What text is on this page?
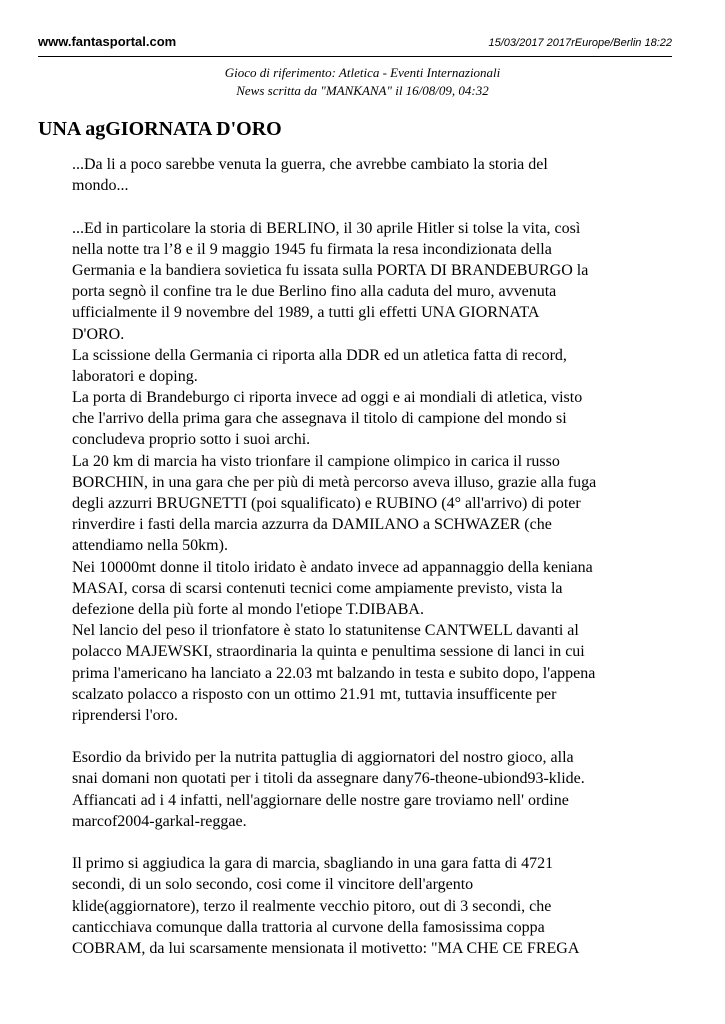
www.fantasportal.com	15/03/2017 2017rEurope/Berlin 18:22
Gioco di riferimento: Atletica - Eventi Internazionali
News scritta da "MANKANA" il 16/08/09, 04:32
UNA agGIORNATA D'ORO
...Da li a poco sarebbe venuta la guerra, che avrebbe cambiato la storia del
mondo...
...Ed in particolare la storia di BERLINO, il 30 aprile Hitler si tolse la vita, così
nella notte tra l’8 e il 9 maggio 1945 fu firmata la resa incondizionata della
Germania e la bandiera sovietica fu issata sulla PORTA DI BRANDEBURGO la
porta segnò il confine tra le due Berlino fino alla caduta del muro, avvenuta
ufficialmente il 9 novembre del 1989, a tutti gli effetti UNA GIORNATA
D'ORO.
La scissione della Germania ci riporta alla DDR ed un atletica fatta di record,
laboratori e doping.
La porta di Brandeburgo ci riporta invece ad oggi e ai mondiali di atletica, visto
che l'arrivo della prima gara che assegnava il titolo di campione del mondo si
concludeva proprio sotto i suoi archi.
La 20 km di marcia ha visto trionfare il campione olimpico in carica il russo
BORCHIN, in una gara che per più di metà percorso aveva illuso, grazie alla fuga
degli azzurri BRUGNETTI (poi squalificato) e RUBINO (4° all'arrivo) di poter
rinverdire i fasti della marcia azzurra da DAMILANO a SCHWAZER (che
attendiamo nella 50km).
Nei 10000mt donne il titolo iridato è andato invece ad appannaggio della keniana
MASAI, corsa di scarsi contenuti tecnici come ampiamente previsto, vista la
defezione della più forte al mondo l'etiope T.DIBABA.
Nel lancio del peso il trionfatore è stato lo statunitense CANTWELL davanti al
polacco MAJEWSKI, straordinaria la quinta e penultima sessione di lanci in cui
prima l'americano ha lanciato a 22.03 mt balzando in testa e subito dopo, l'appena
scalzato polacco a risposto con un ottimo 21.91 mt, tuttavia insufficente per
riprendersi l'oro.
Esordio da brivido per la nutrita pattuglia di aggiornatori del nostro gioco, alla
snai domani non quotati per i titoli da assegnare dany76-theone-ubiond93-klide.
Affiancati ad i 4 infatti, nell'aggiornare delle nostre gare troviamo nell' ordine
marcof2004-garkal-reggae.
Il primo si aggiudica la gara di marcia, sbagliando in una gara fatta di 4721
secondi, di un solo secondo, cosi come il vincitore dell'argento
klide(aggiornatore), terzo il realmente vecchio pitoro, out di 3 secondi, che
canticchiava comunque dalla trattoria al curvone della famosissima coppa
COBRAM, da lui scarsamente mensionata il motivetto: "MA CHE CE FREGA
